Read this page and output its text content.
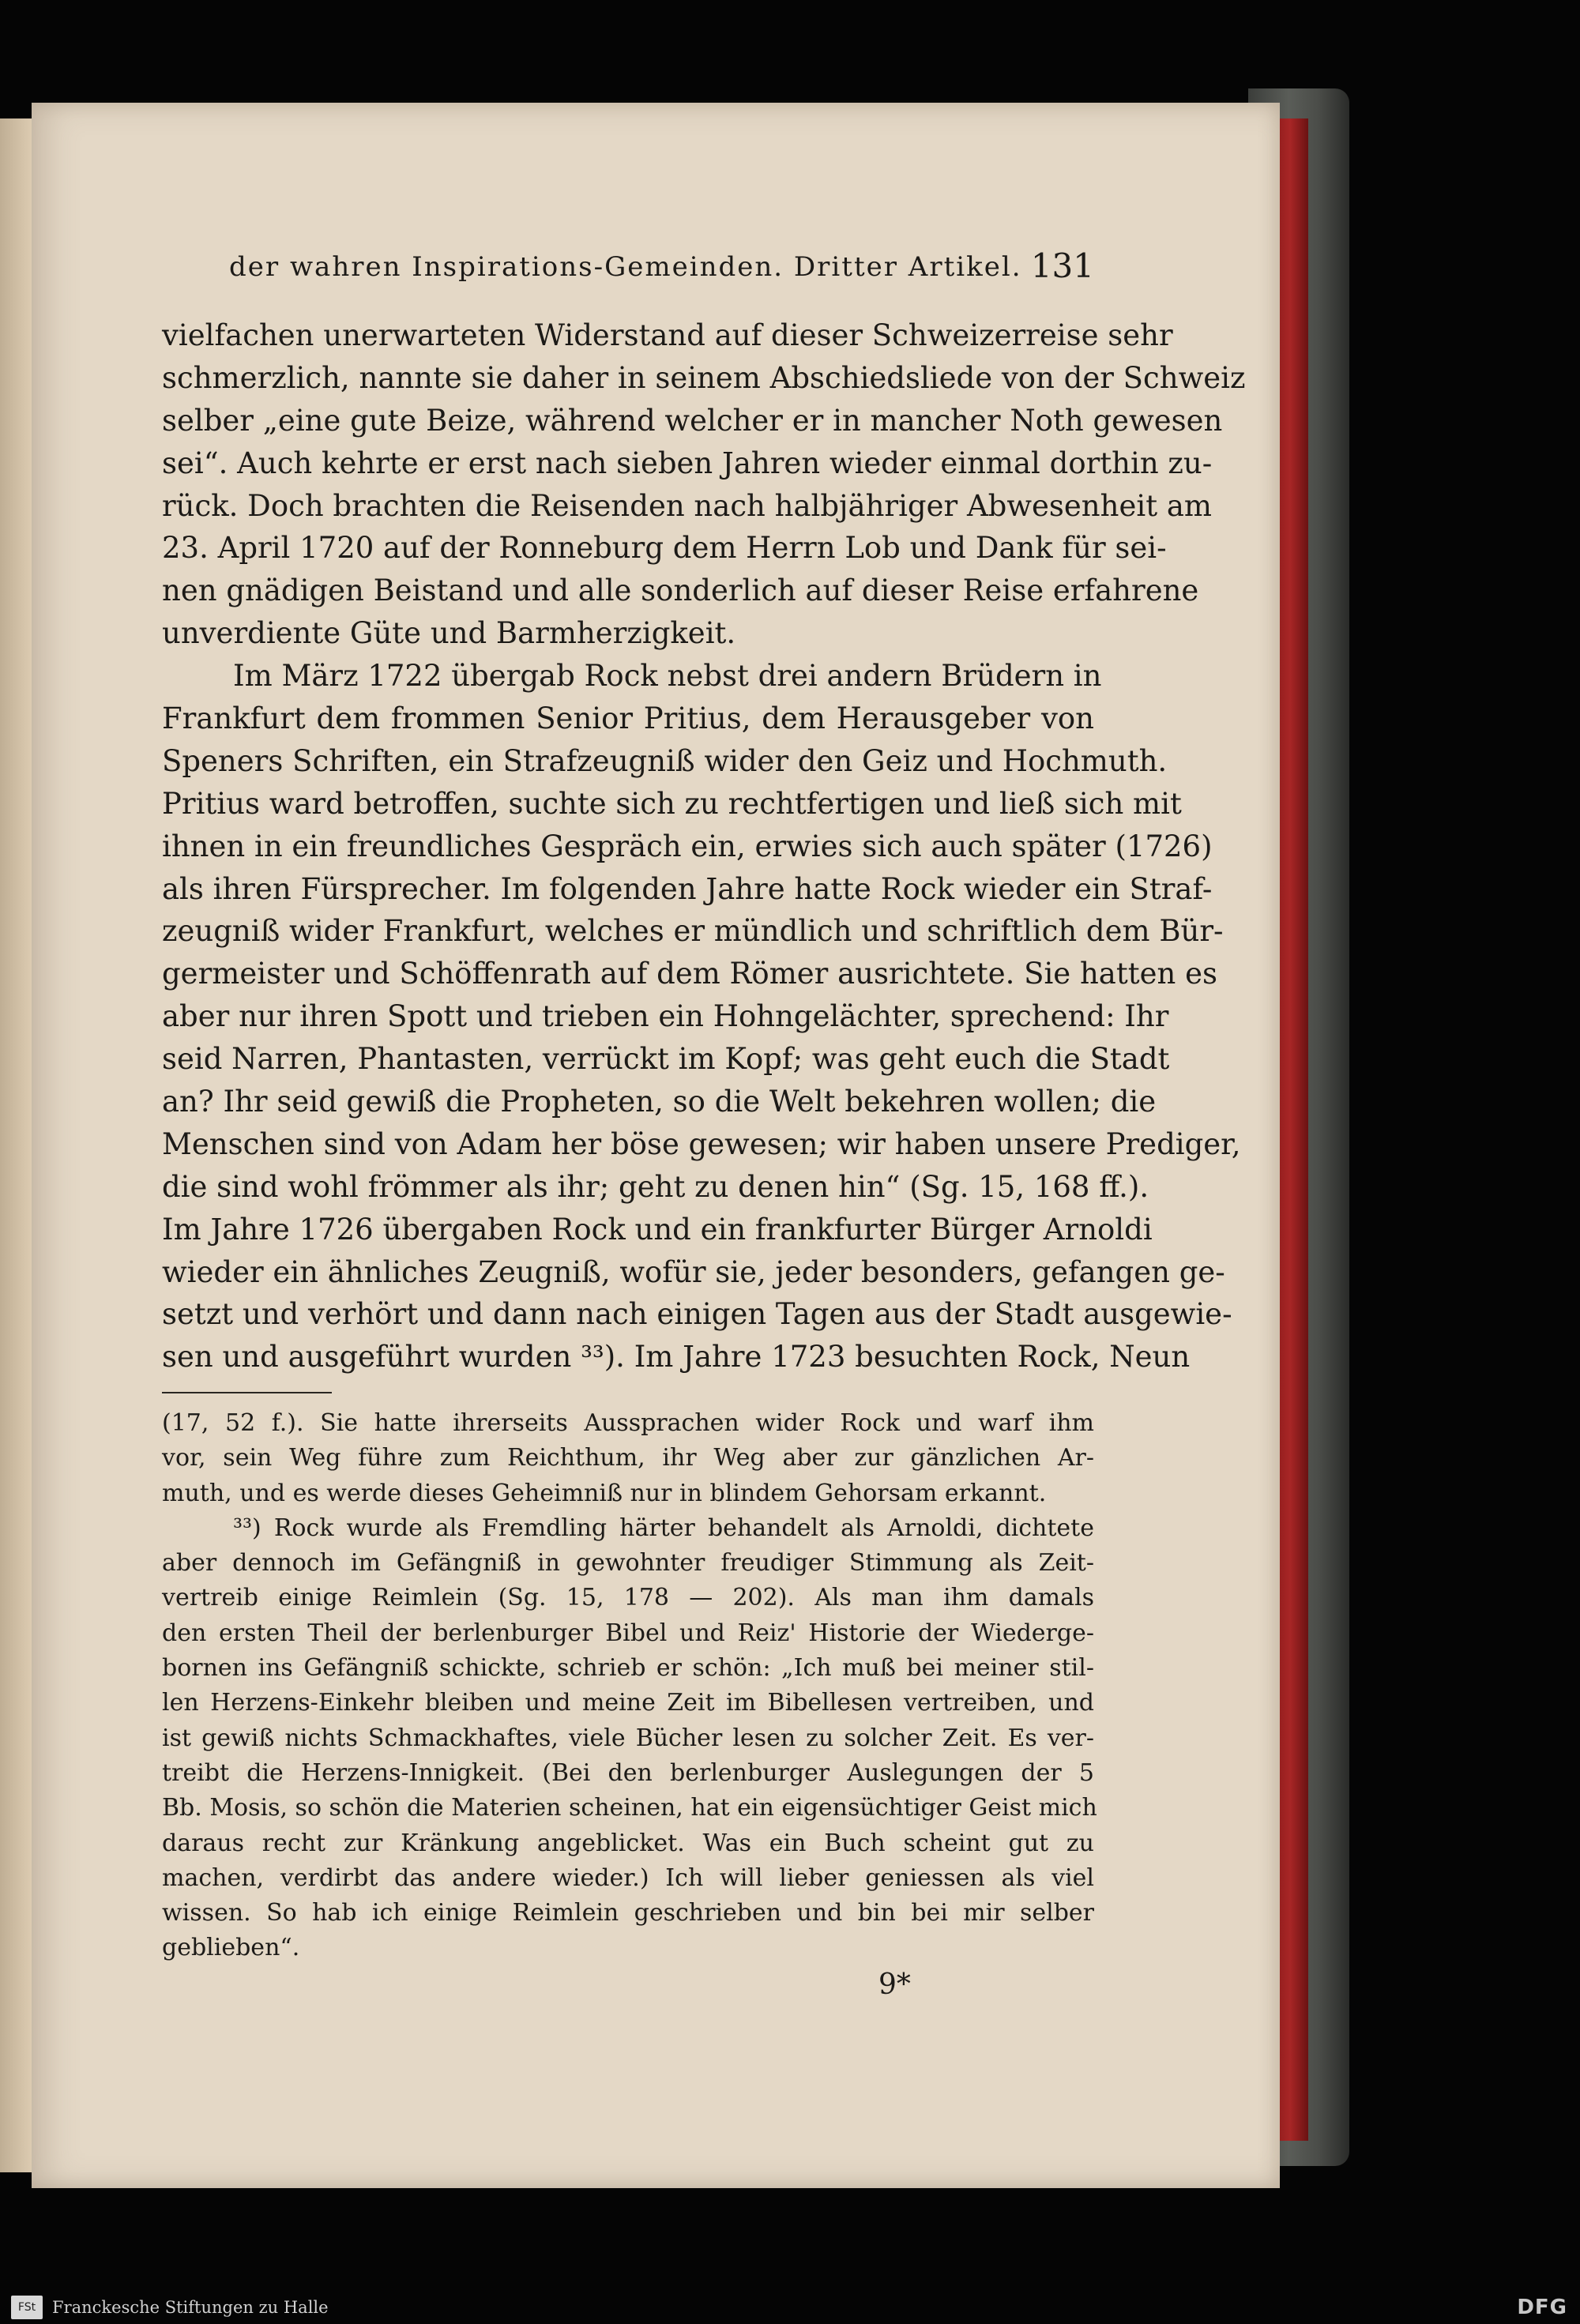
der wahren Inspirations-Gemeinden. Dritter Artikel. 131
vielfachen unerwarteten Widerstand auf dieser Schweizerreise sehr
schmerzlich, nannte sie daher in seinem Abschiedsliede von der Schweiz
selber „eine gute Beize, während welcher er in mancher Noth gewesen
sei“. Auch kehrte er erst nach sieben Jahren wieder einmal dorthin zu-
rück. Doch brachten die Reisenden nach halbjähriger Abwesenheit am
23. April 1720 auf der Ronneburg dem Herrn Lob und Dank für sei-
nen gnädigen Beistand und alle sonderlich auf dieser Reise erfahrene
unverdiente Güte und Barmherzigkeit.
Im März 1722 übergab Rock nebst drei andern Brüdern in
Frankfurt dem frommen Senior Pritius, dem Herausgeber von
Speners Schriften, ein Strafzeugniß wider den Geiz und Hochmuth.
Pritius ward betroffen, suchte sich zu rechtfertigen und ließ sich mit
ihnen in ein freundliches Gespräch ein, erwies sich auch später (1726)
als ihren Fürsprecher. Im folgenden Jahre hatte Rock wieder ein Straf-
zeugniß wider Frankfurt, welches er mündlich und schriftlich dem Bür-
germeister und Schöffenrath auf dem Römer ausrichtete. Sie hatten es
aber nur ihren Spott und trieben ein Hohngelächter, sprechend: Ihr
seid Narren, Phantasten, verrückt im Kopf; was geht euch die Stadt
an? Ihr seid gewiß die Propheten, so die Welt bekehren wollen; die
Menschen sind von Adam her böse gewesen; wir haben unsere Prediger,
die sind wohl frömmer als ihr; geht zu denen hin“ (Sg. 15, 168 ff.).
Im Jahre 1726 übergaben Rock und ein frankfurter Bürger Arnoldi
wieder ein ähnliches Zeugniß, wofür sie, jeder besonders, gefangen ge-
setzt und verhört und dann nach einigen Tagen aus der Stadt ausgewie-
sen und ausgeführt wurden ³³). Im Jahre 1723 besuchten Rock, Neun
(17, 52 f.). Sie hatte ihrerseits Aussprachen wider Rock und warf ihm
vor, sein Weg führe zum Reichthum, ihr Weg aber zur gänzlichen Ar-
muth, und es werde dieses Geheimniß nur in blindem Gehorsam erkannt.
³³) Rock wurde als Fremdling härter behandelt als Arnoldi, dichtete
aber dennoch im Gefängniß in gewohnter freudiger Stimmung als Zeit-
vertreib einige Reimlein (Sg. 15, 178 — 202). Als man ihm damals
den ersten Theil der berlenburger Bibel und Reiz' Historie der Wiederge-
bornen ins Gefängniß schickte, schrieb er schön: „Ich muß bei meiner stil-
len Herzens-Einkehr bleiben und meine Zeit im Bibellesen vertreiben, und
ist gewiß nichts Schmackhaftes, viele Bücher lesen zu solcher Zeit. Es ver-
treibt die Herzens-Innigkeit. (Bei den berlenburger Auslegungen der 5
Bb. Mosis, so schön die Materien scheinen, hat ein eigensüchtiger Geist mich
daraus recht zur Kränkung angeblicket. Was ein Buch scheint gut zu
machen, verdirbt das andere wieder.) Ich will lieber geniessen als viel
wissen. So hab ich einige Reimlein geschrieben und bin bei mir selber
geblieben“.
9*
FSt Franckesche Stiftungen zu Halle	DFG
